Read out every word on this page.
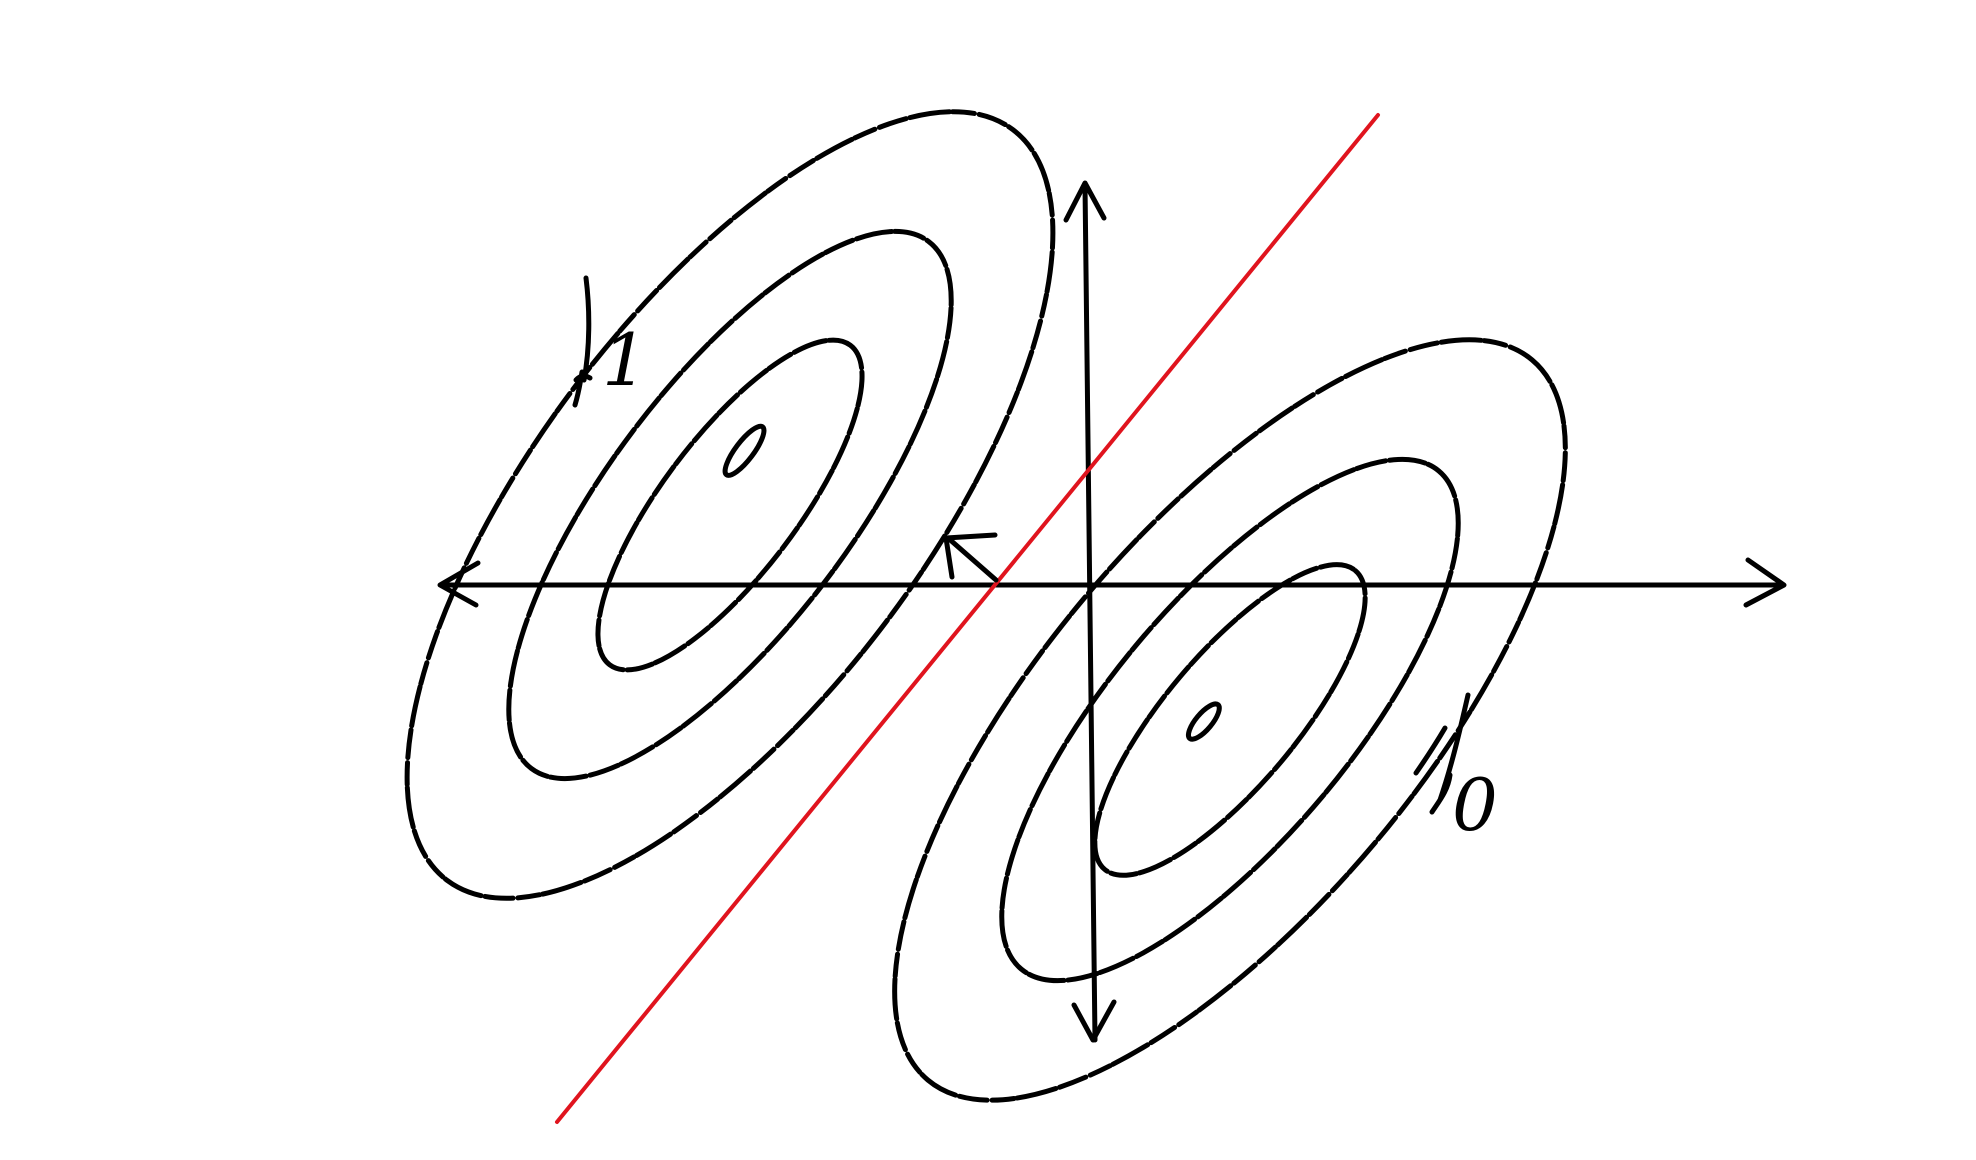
1
0
